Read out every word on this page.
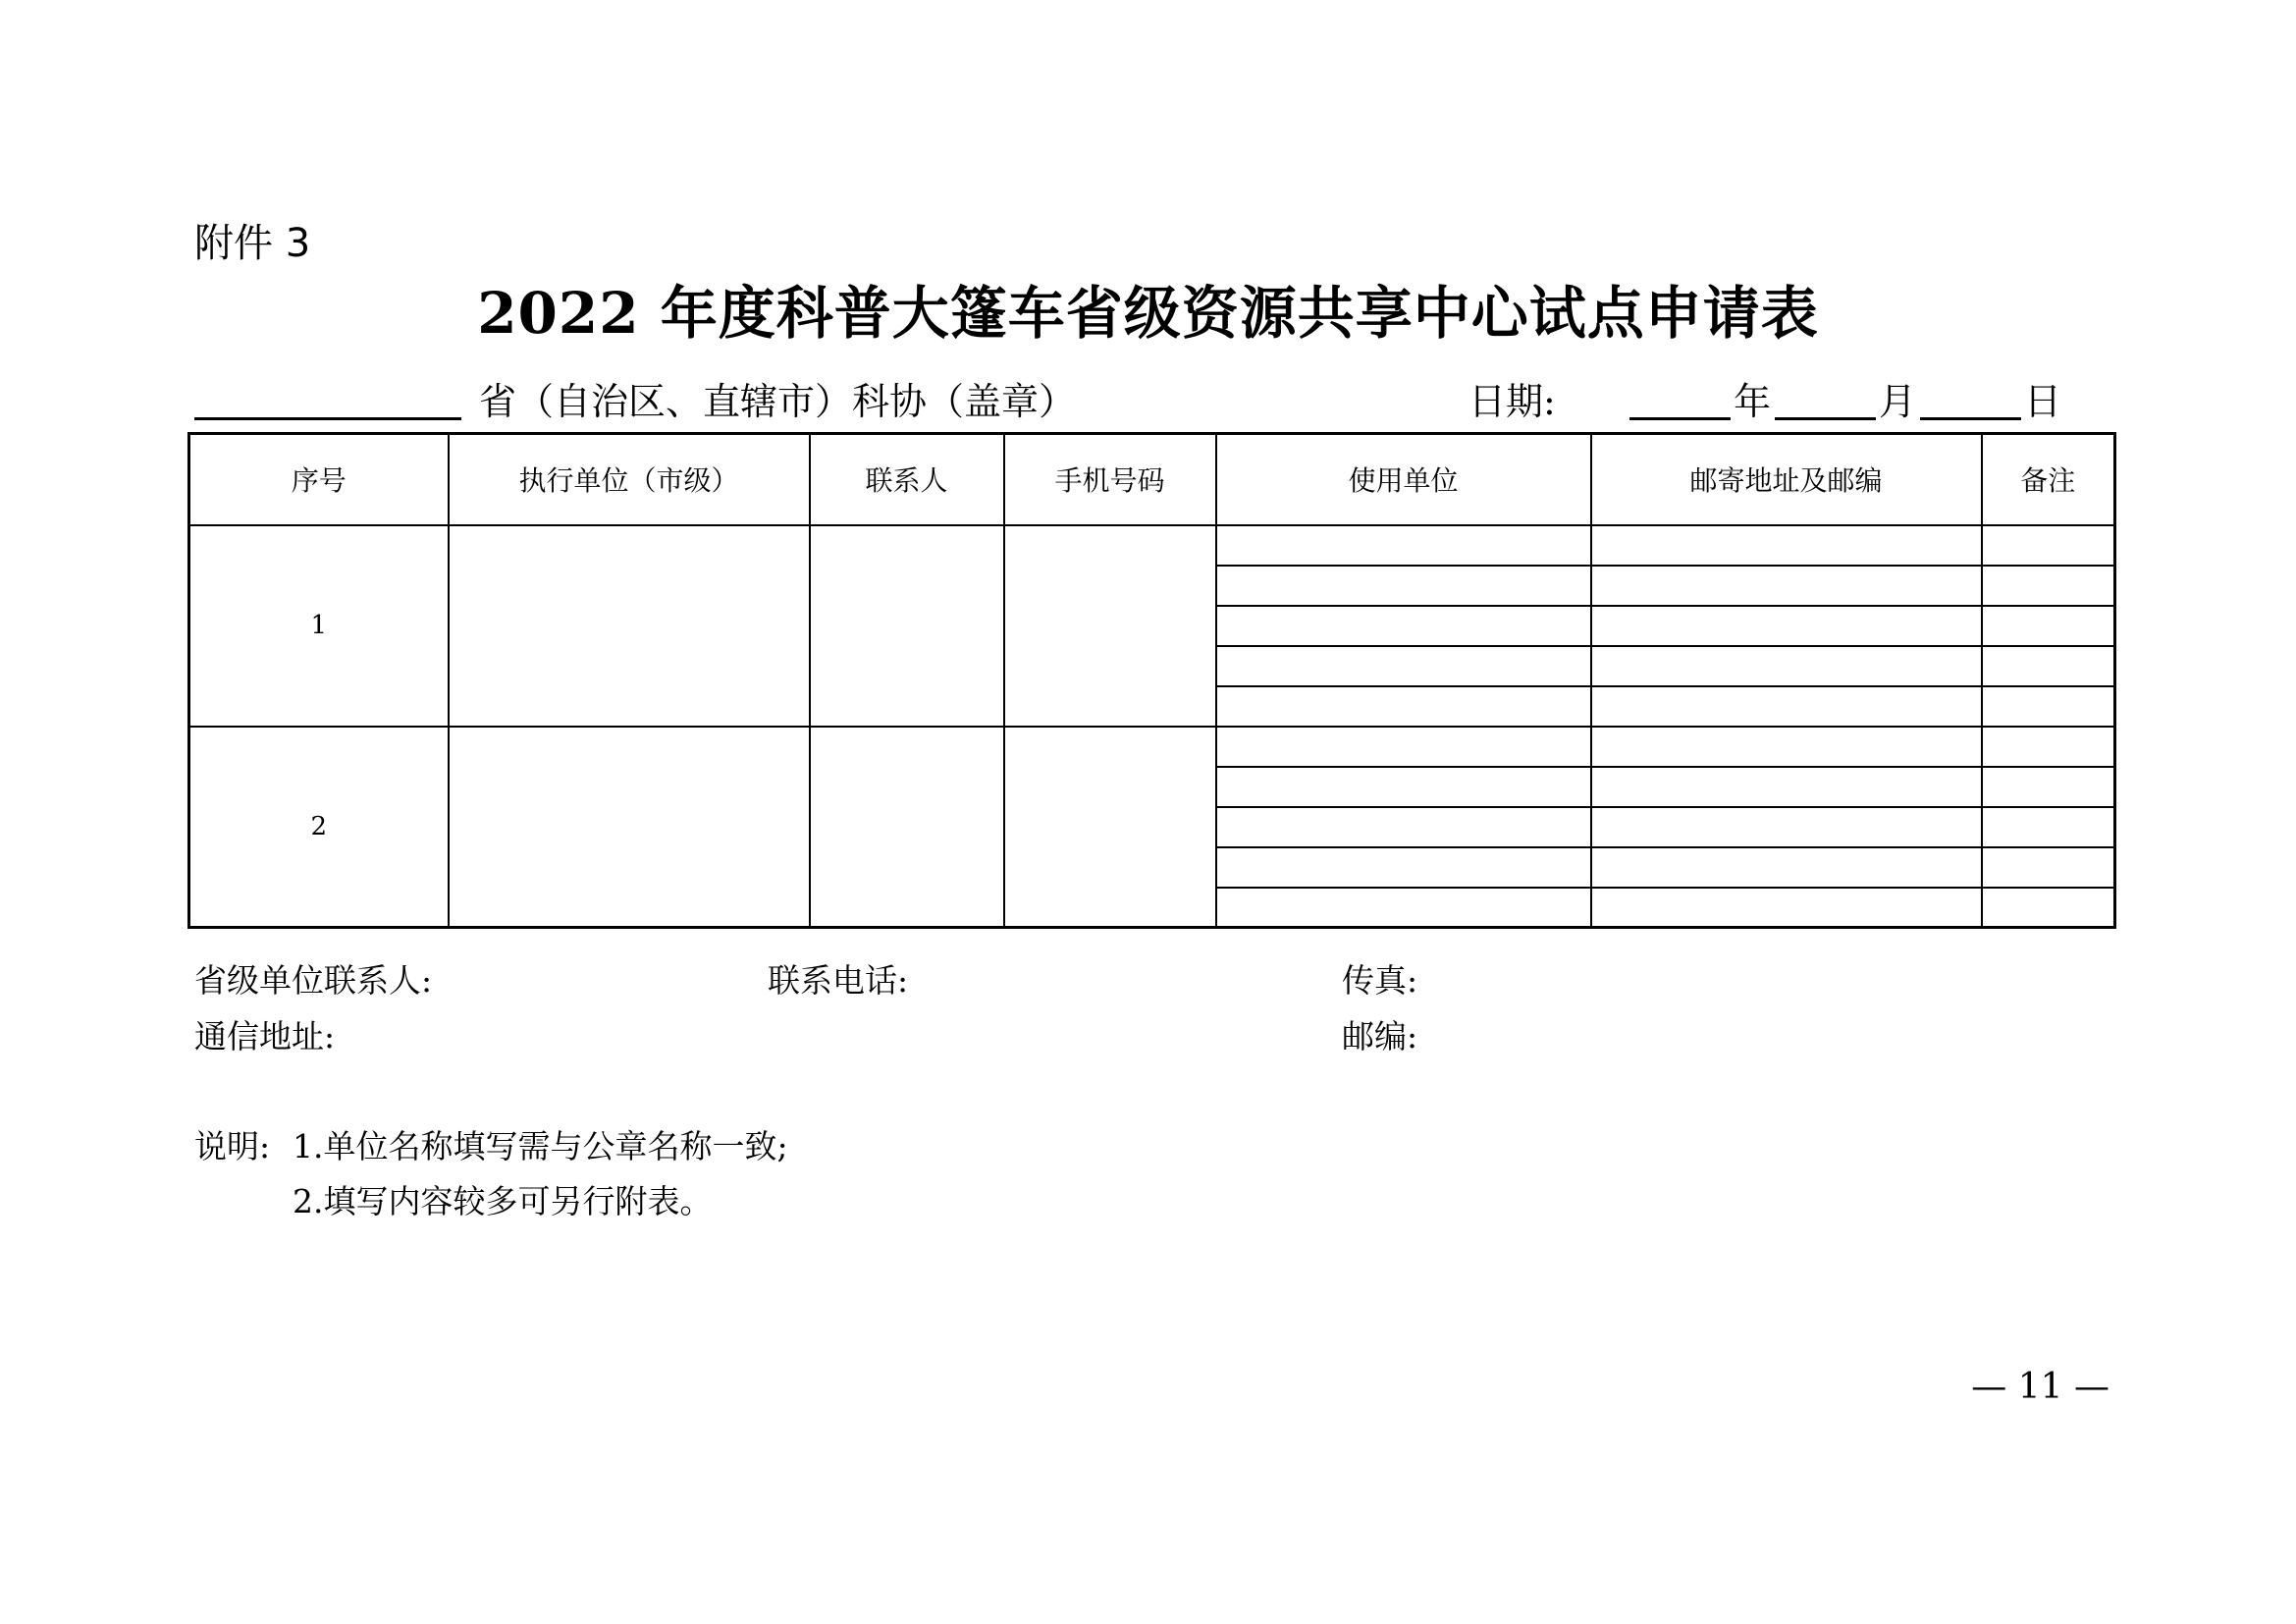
附件 3
2022 年度科普大篷车省级资源共享中心试点申请表
省（自治区、直辖市）科协（盖章）	日期:	年	月	日
序号	执行单位（市级）	联系人	手机号码	使用单位	邮寄地址及邮编	备注
1						

2						

省级单位联系人:	联系电话:	传真:
通信地址:	邮编:
说明: 1.单位名称填写需与公章名称一致;
2.填写内容较多可另行附表。
— 11 —
